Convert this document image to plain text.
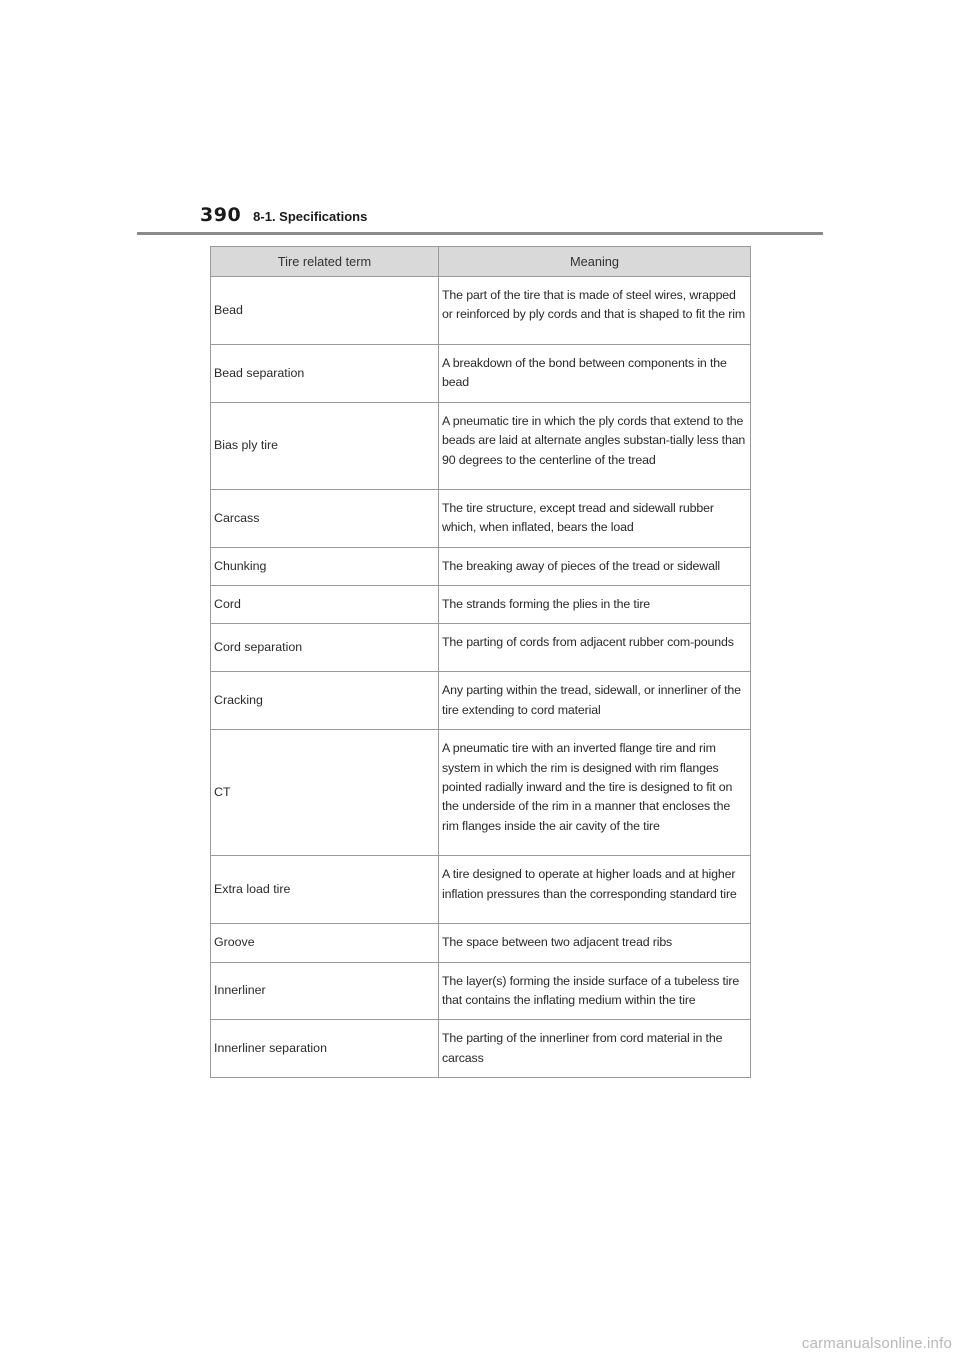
390 8-1. Specifications
Tire related term	Meaning
Bead	The part of the tire that is made of steel wires, wrapped or reinforced by ply cords and that is shaped to fit the rim
Bead separation	A breakdown of the bond between components in the bead
Bias ply tire	A pneumatic tire in which the ply cords that extend to the beads are laid at alternate angles substan-tially less than 90 degrees to the centerline of the tread
Carcass	The tire structure, except tread and sidewall rubber which, when inflated, bears the load
Chunking	The breaking away of pieces of the tread or sidewall
Cord	The strands forming the plies in the tire
Cord separation	The parting of cords from adjacent rubber com-pounds
Cracking	Any parting within the tread, sidewall, or innerliner of the tire extending to cord material
CT	A pneumatic tire with an inverted flange tire and rim system in which the rim is designed with rim flanges pointed radially inward and the tire is designed to fit on the underside of the rim in a manner that encloses the rim flanges inside the air cavity of the tire
Extra load tire	A tire designed to operate at higher loads and at higher inflation pressures than the corresponding standard tire
Groove	The space between two adjacent tread ribs
Innerliner	The layer(s) forming the inside surface of a tubeless tire that contains the inflating medium within the tire
Innerliner separation	The parting of the innerliner from cord material in the carcass
carmanualsonline.info
